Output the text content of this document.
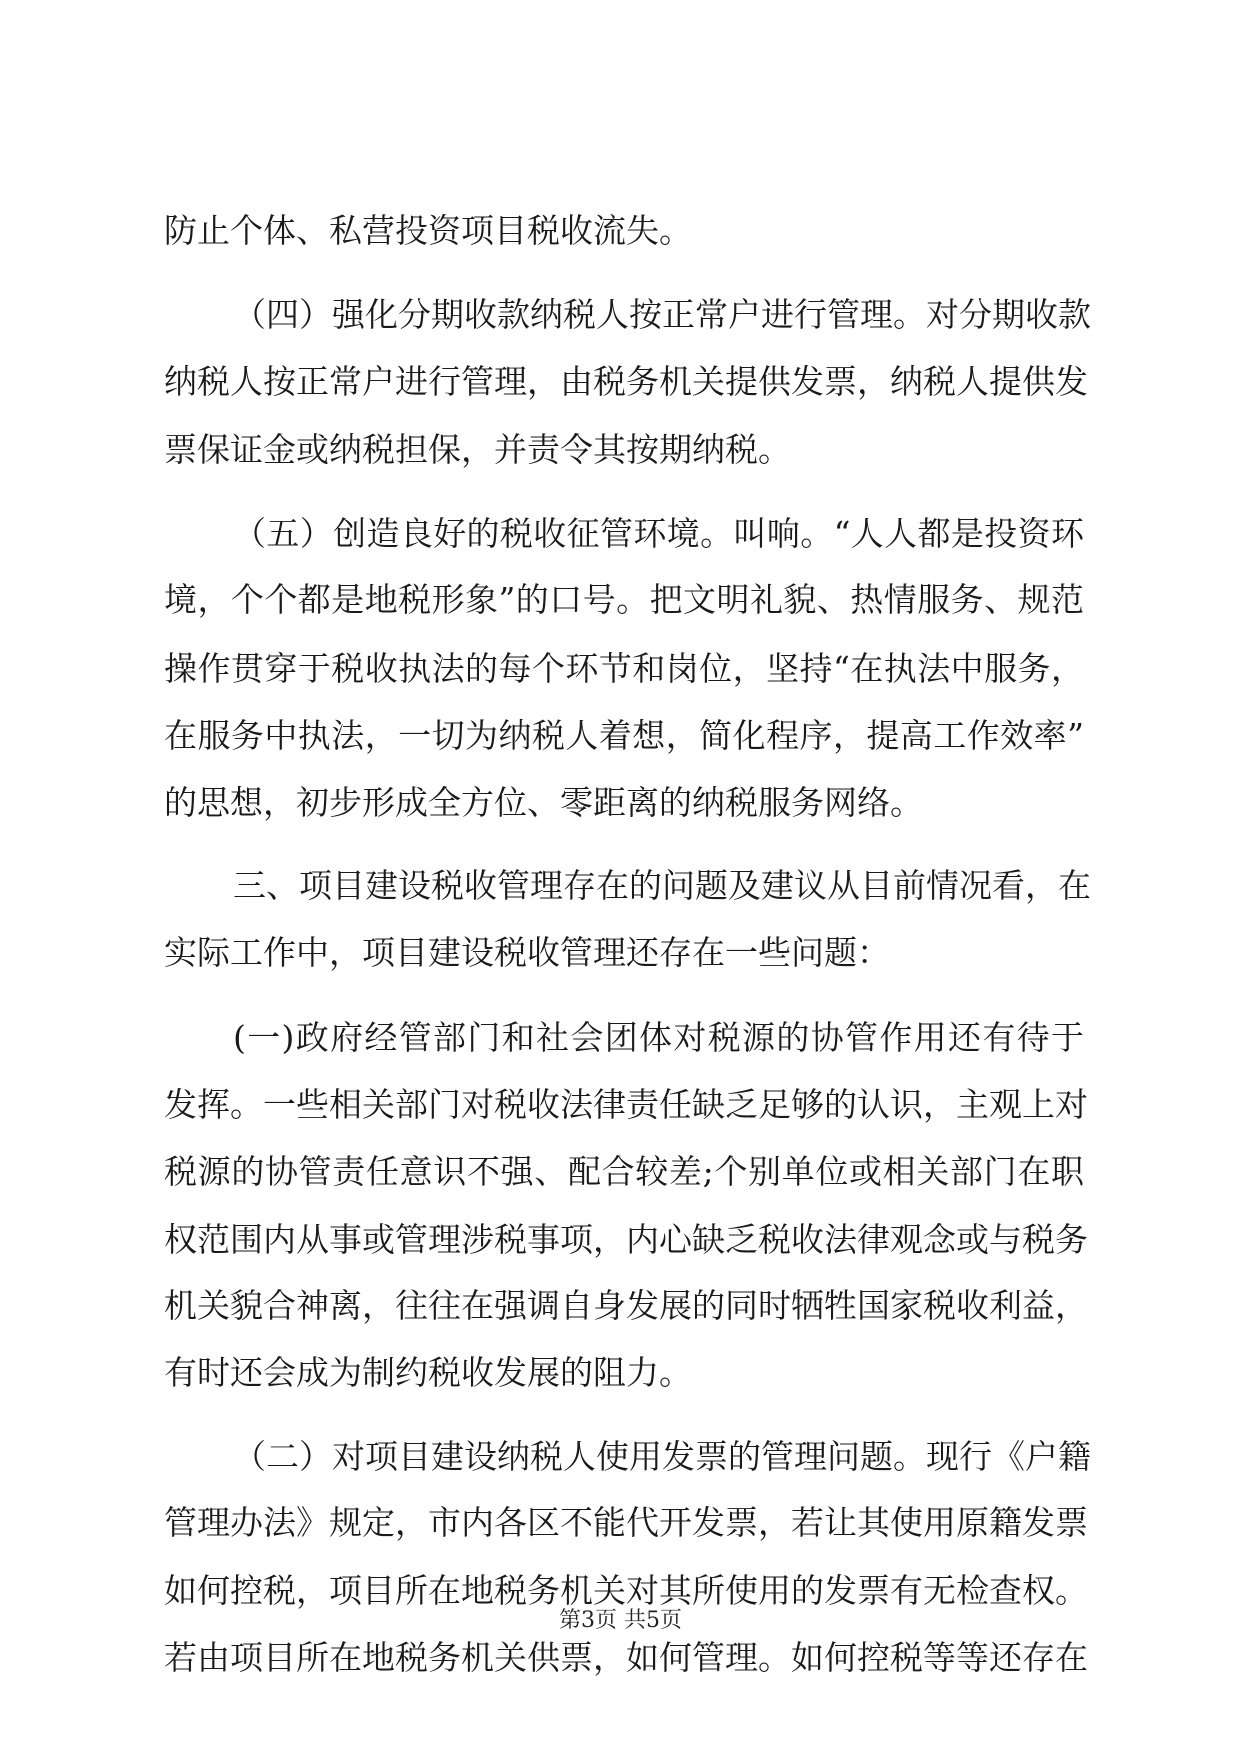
防止个体、私营投资项目税收流失。
（四）强化分期收款纳税人按正常户进行管理。对分期收款
纳税人按正常户进行管理，由税务机关提供发票，纳税人提供发
票保证金或纳税担保，并责令其按期纳税。
（五）创造良好的税收征管环境。叫响。“人人都是投资环
境，个个都是地税形象”的口号。把文明礼貌、热情服务、规范
操作贯穿于税收执法的每个环节和岗位，坚持“在执法中服务，
在服务中执法，一切为纳税人着想，简化程序，提高工作效率”
的思想，初步形成全方位、零距离的纳税服务网络。
三、项目建设税收管理存在的问题及建议从目前情况看，在
实际工作中，项目建设税收管理还存在一些问题：
(一)政府经管部门和社会团体对税源的协管作用还有待于
发挥。一些相关部门对税收法律责任缺乏足够的认识，主观上对
税源的协管责任意识不强、配合较差;个别单位或相关部门在职
权范围内从事或管理涉税事项，内心缺乏税收法律观念或与税务
机关貌合神离，往往在强调自身发展的同时牺牲国家税收利益，
有时还会成为制约税收发展的阻力。
（二）对项目建设纳税人使用发票的管理问题。现行《户籍
管理办法》规定，市内各区不能代开发票，若让其使用原籍发票
如何控税，项目所在地税务机关对其所使用的发票有无检查权。
若由项目所在地税务机关供票，如何管理。如何控税等等还存在
第3页 共5页
